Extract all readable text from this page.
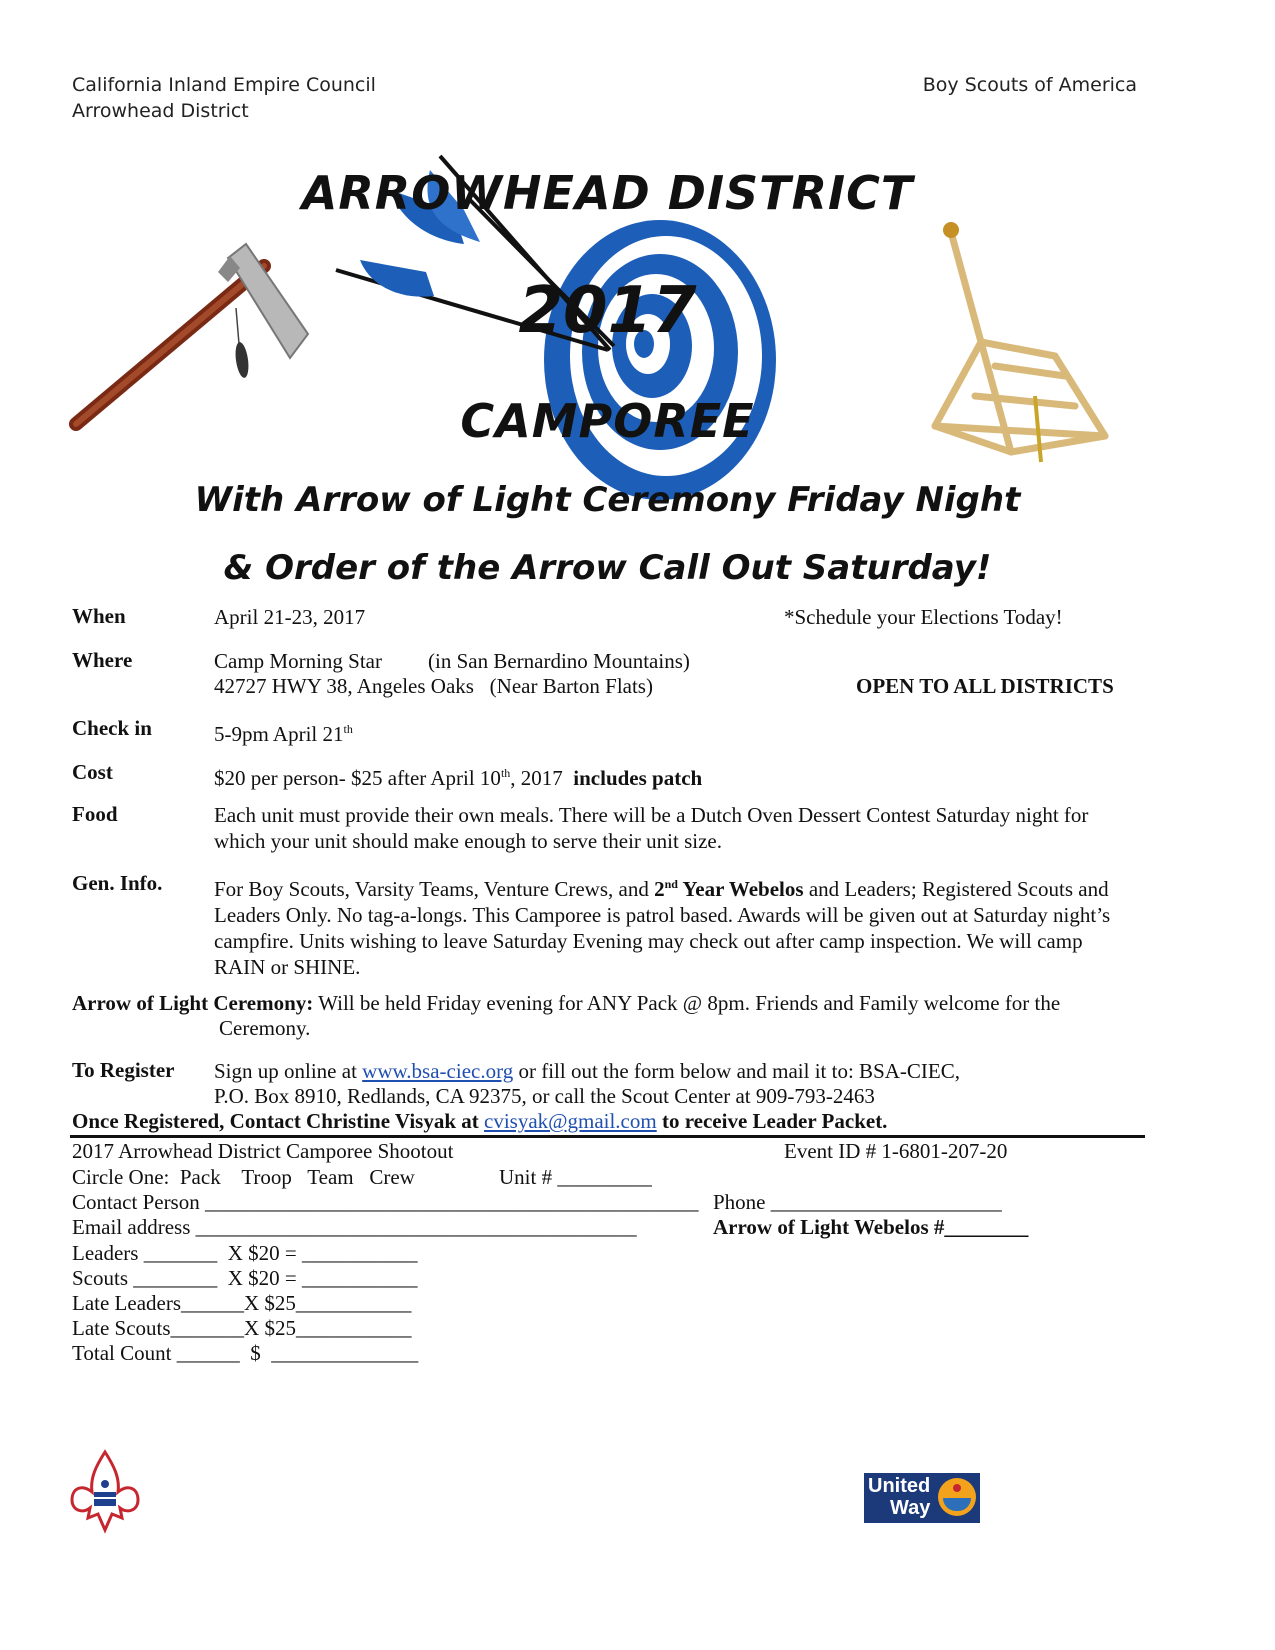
California Inland Empire Council
Arrowhead District
Boy Scouts of America
ARROWHEAD DISTRICT
2017
CAMPOREE
With Arrow of Light Ceremony Friday Night
& Order of the Arrow Call Out Saturday!
When	April 21-23, 2017	*Schedule your Elections Today!
Where	Camp Morning Star (in San Bernardino Mountains)
42727 HWY 38, Angeles Oaks   (Near Barton Flats)	OPEN TO ALL DISTRICTS
Check in	5-9pm April 21th
Cost	$20 per person- $25 after April 10th, 2017 includes patch
Food	Each unit must provide their own meals. There will be a Dutch Oven Dessert Contest Saturday night for which your unit should make enough to serve their unit size.
Gen. Info. For Boy Scouts, Varsity Teams, Venture Crews, and 2nd Year Webelos and Leaders; Registered Scouts and Leaders Only. No tag-a-longs. This Camporee is patrol based. Awards will be given out at Saturday night’s campfire. Units wishing to leave Saturday Evening may check out after camp inspection. We will camp RAIN or SHINE.
Arrow of Light Ceremony: Will be held Friday evening for ANY Pack @ 8pm. Friends and Family welcome for the
Ceremony.
To Register Sign up online at www.bsa-ciec.org or fill out the form below and mail it to: BSA-CIEC,
P.O. Box 8910, Redlands, CA 92375, or call the Scout Center at 909-793-2463
Once Registered, Contact Christine Visyak at cvisyak@gmail.com to receive Leader Packet.
2017 Arrowhead District Camporee Shootout	Event ID # 1-6801-207-20
Circle One:  Pack    Troop   Team   Crew	Unit # _________
Contact Person _______________________________________________ Phone ______________________
Email address __________________________________________	Arrow of Light Webelos #________
Leaders _______  X $20 = ___________
Scouts ________  X $20 = ___________
Late Leaders______X $25___________
Late Scouts_______X $25___________
Total Count ______  $  ______________
United
Way
